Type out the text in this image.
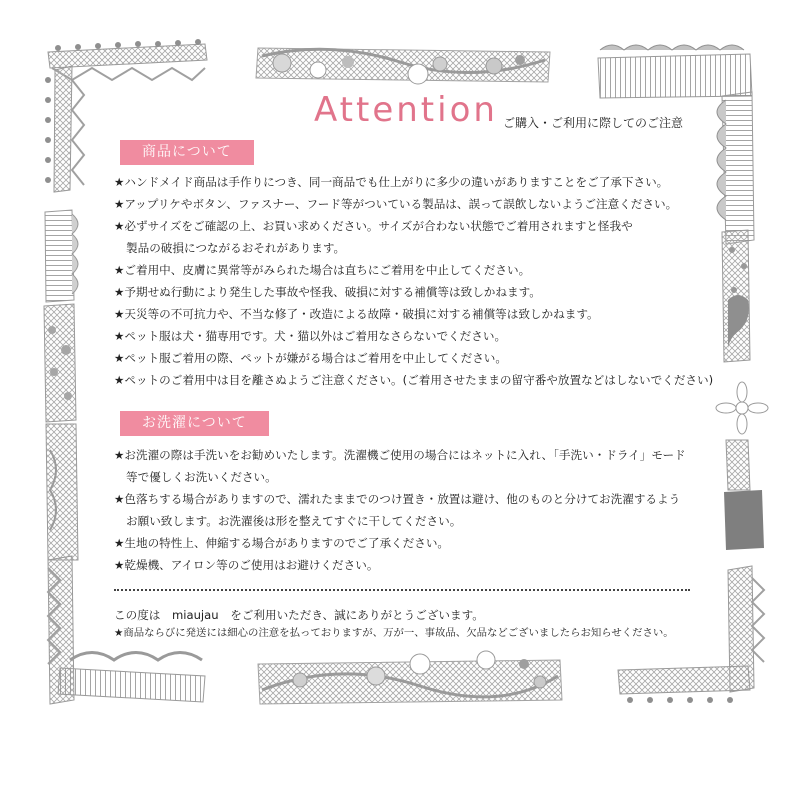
Attention ご購入・ご利用に際してのご注意
商品について
★ハンドメイド商品は手作りにつき、同一商品でも仕上がりに多少の違いがありますことをご了承下さい。
★アップリケやボタン、ファスナー、フード等がついている製品は、誤って誤飲しないようご注意ください。
★必ずサイズをご確認の上、お買い求めください。サイズが合わない状態でご着用されますと怪我や
製品の破損につながるおそれがあります。
★ご着用中、皮膚に異常等がみられた場合は直ちにご着用を中止してください。
★予期せぬ行動により発生した事故や怪我、破損に対する補償等は致しかねます。
★天災等の不可抗力や、不当な修了・改造による故障・破損に対する補償等は致しかねます。
★ペット服は犬・猫専用です。犬・猫以外はご着用なさらないでください。
★ペット服ご着用の際、ペットが嫌がる場合はご着用を中止してください。
★ペットのご着用中は目を離さぬようご注意ください。(ご着用させたままの留守番や放置などはしないでください)
お洗濯について
★お洗濯の際は手洗いをお勧めいたします。洗濯機ご使用の場合にはネットに入れ、「手洗い・ドライ」モード
等で優しくお洗いください。
★色落ちする場合がありますので、濡れたままでのつけ置き・放置は避け、他のものと分けてお洗濯するよう
お願い致します。お洗濯後は形を整えてすぐに干してください。
★生地の特性上、伸縮する場合がありますのでご了承ください。
★乾燥機、アイロン等のご使用はお避けください。
この度は　miaujau　をご利用いただき、誠にありがとうございます。
★商品ならびに発送には細心の注意を払っておりますが、万が一、事故品、欠品などございましたらお知らせください。
